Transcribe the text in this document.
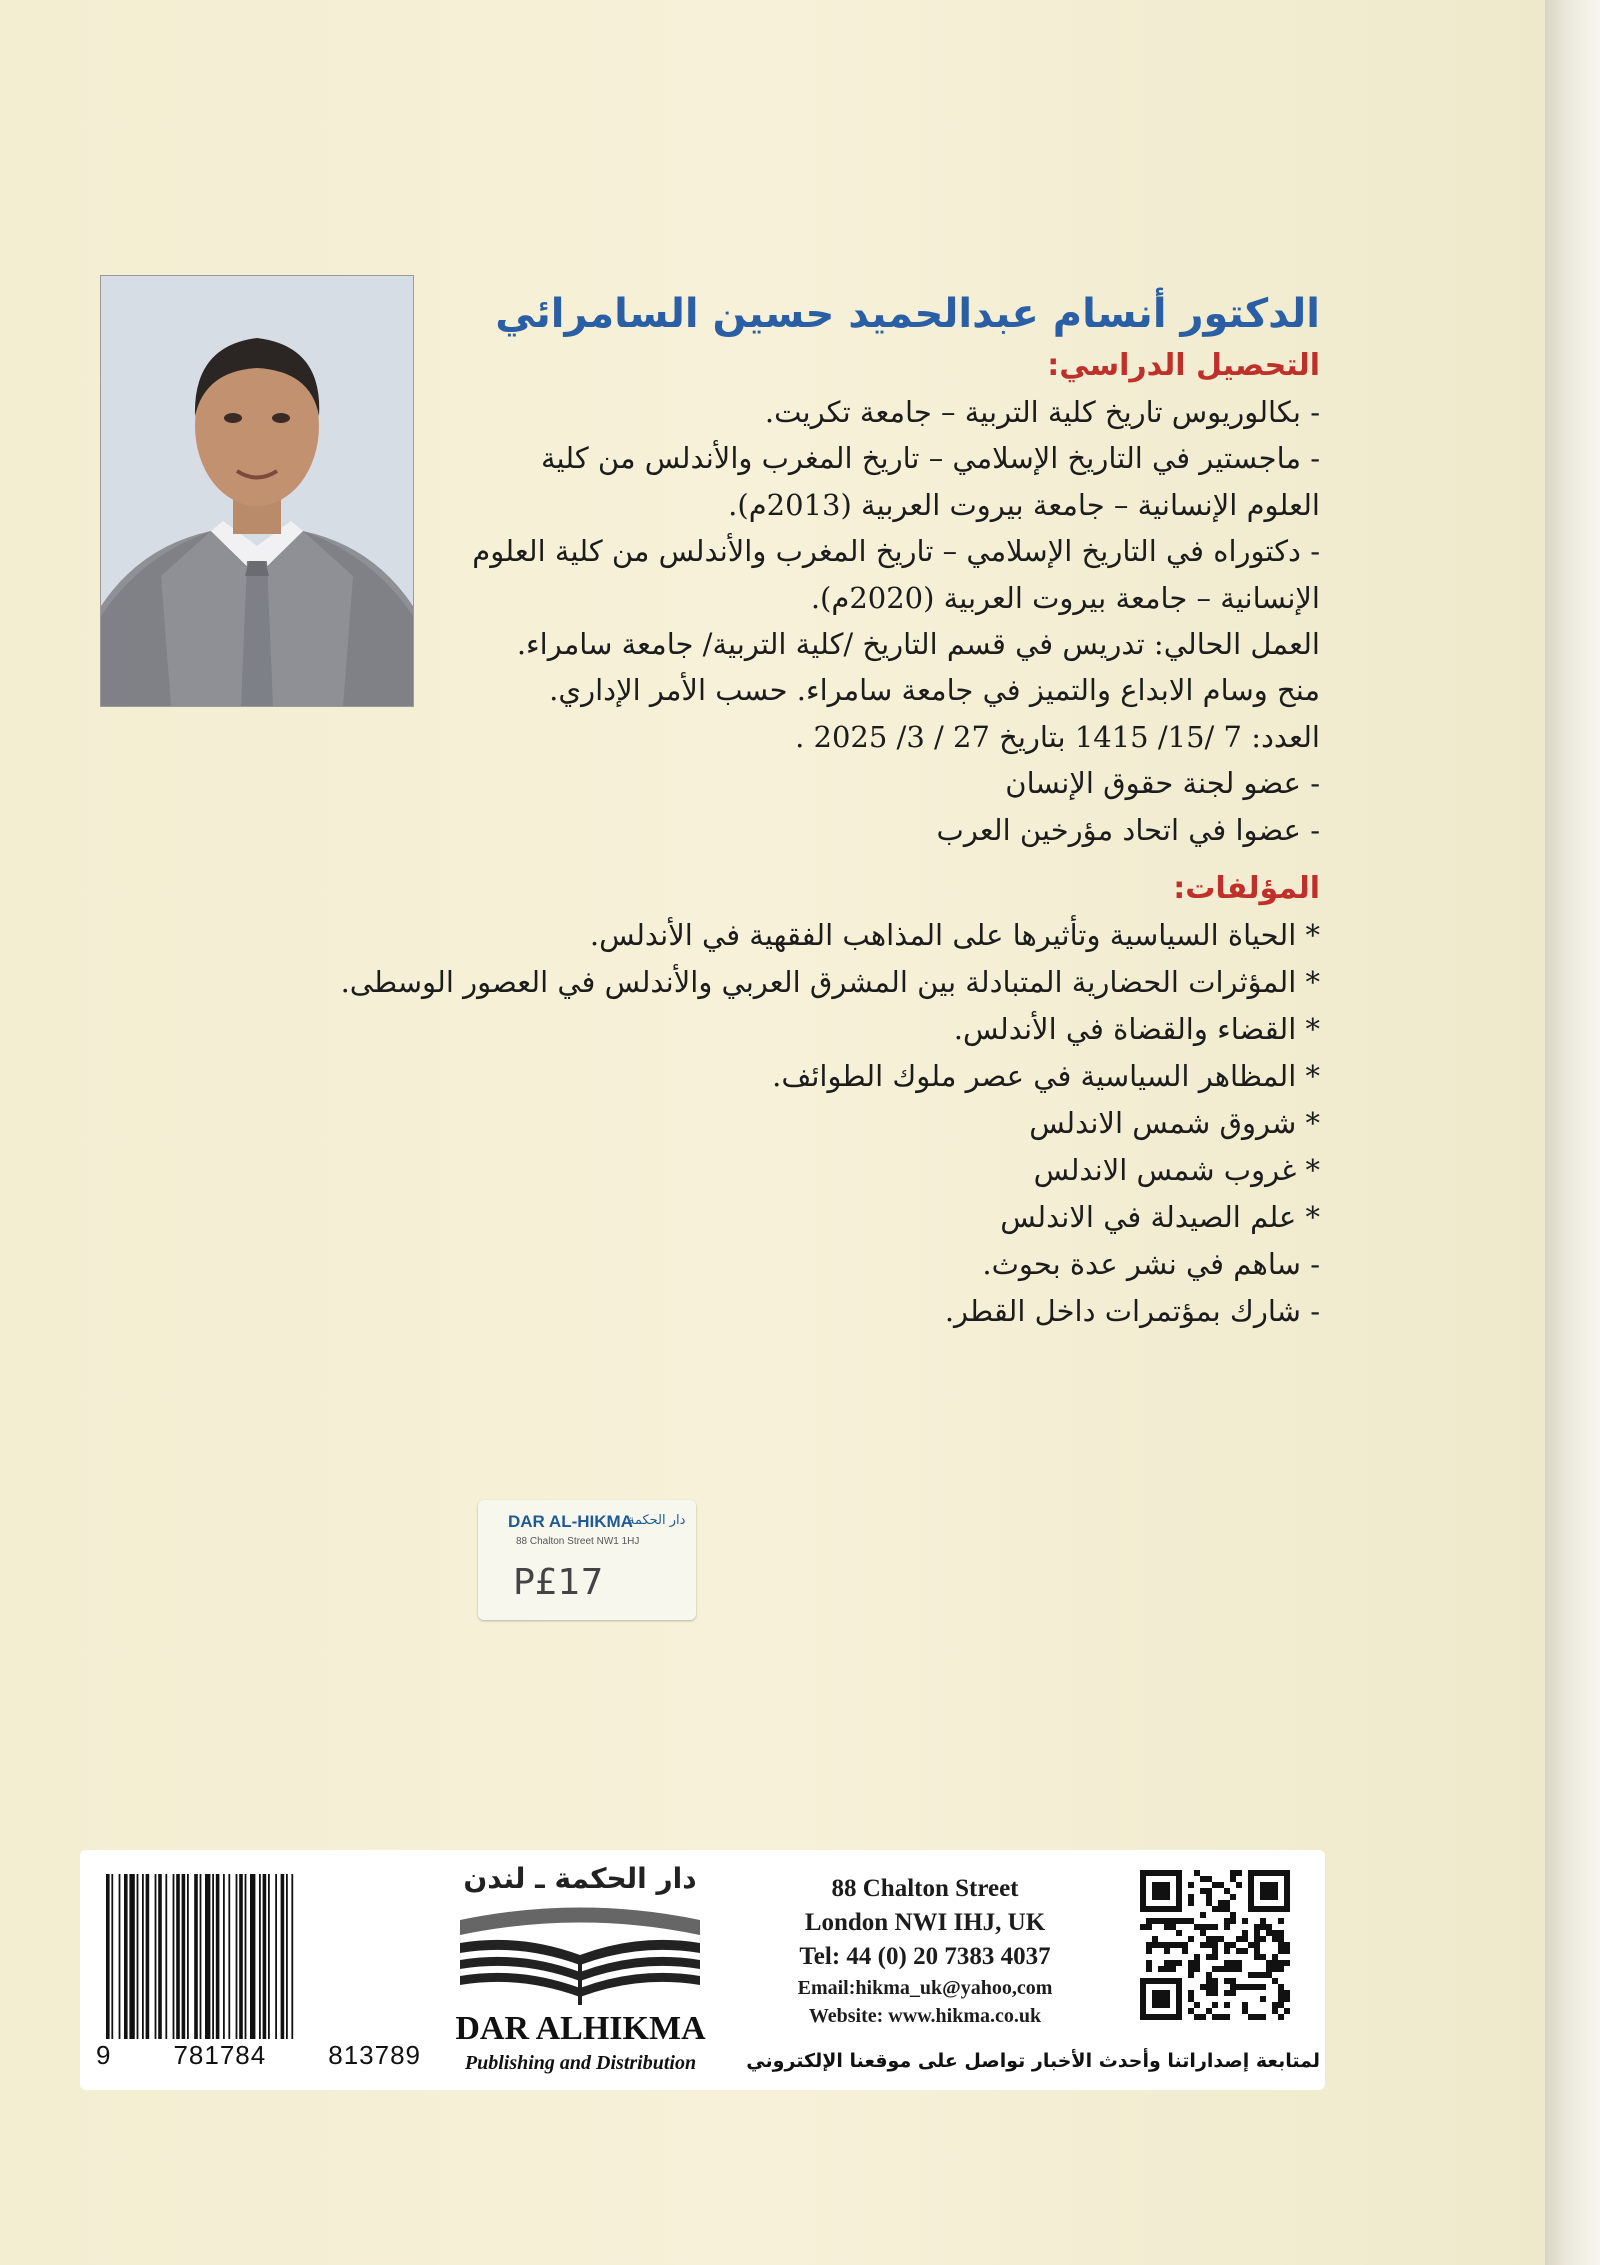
الدكتور أنسام عبدالحميد حسين السامرائي

التحصيل الدراسي:

- بكالوريوس تاريخ كلية التربية – جامعة تكريت.

- ماجستير في التاريخ الإسلامي – تاريخ المغرب والأندلس من كلية

العلوم الإنسانية – جامعة بيروت العربية (2013م).

- دكتوراه في التاريخ الإسلامي – تاريخ المغرب والأندلس من كلية العلوم

الإنسانية – جامعة بيروت العربية (2020م).

العمل الحالي: تدريس في قسم التاريخ /كلية التربية/ جامعة سامراء.

منح وسام الابداع والتميز في جامعة سامراء. حسب الأمر الإداري.

العدد: 7 /15/ 1415 بتاريخ 27 / 3/ 2025 .

- عضو لجنة حقوق الإنسان

- عضوا في اتحاد مؤرخين العرب

المؤلفات:

* الحياة السياسية وتأثيرها على المذاهب الفقهية في الأندلس.

* المؤثرات الحضارية المتبادلة بين المشرق العربي والأندلس في العصور الوسطى.

* القضاء والقضاة في الأندلس.

* المظاهر السياسية في عصر ملوك الطوائف.

* شروق شمس الاندلس

* غروب شمس الاندلس

* علم الصيدلة في الاندلس

- ساهم في نشر عدة بحوث.

- شارك بمؤتمرات داخل القطر.

DAR AL-HIKMA
دار الحكمة
88 Chalton Street NW1 1HJ
P£17
9 781784 813789
دار الحكمة ـ لندن
DAR ALHIKMA
Publishing and Distribution

88 Chalton Street

London NWI IHJ, UK

Tel: 44 (0) 20 7383 4037

Email:hikma_uk@yahoo,com

Website: www.hikma.co.uk

لمتابعة إصداراتنا وأحدث الأخبار تواصل على موقعنا الإلكتروني
